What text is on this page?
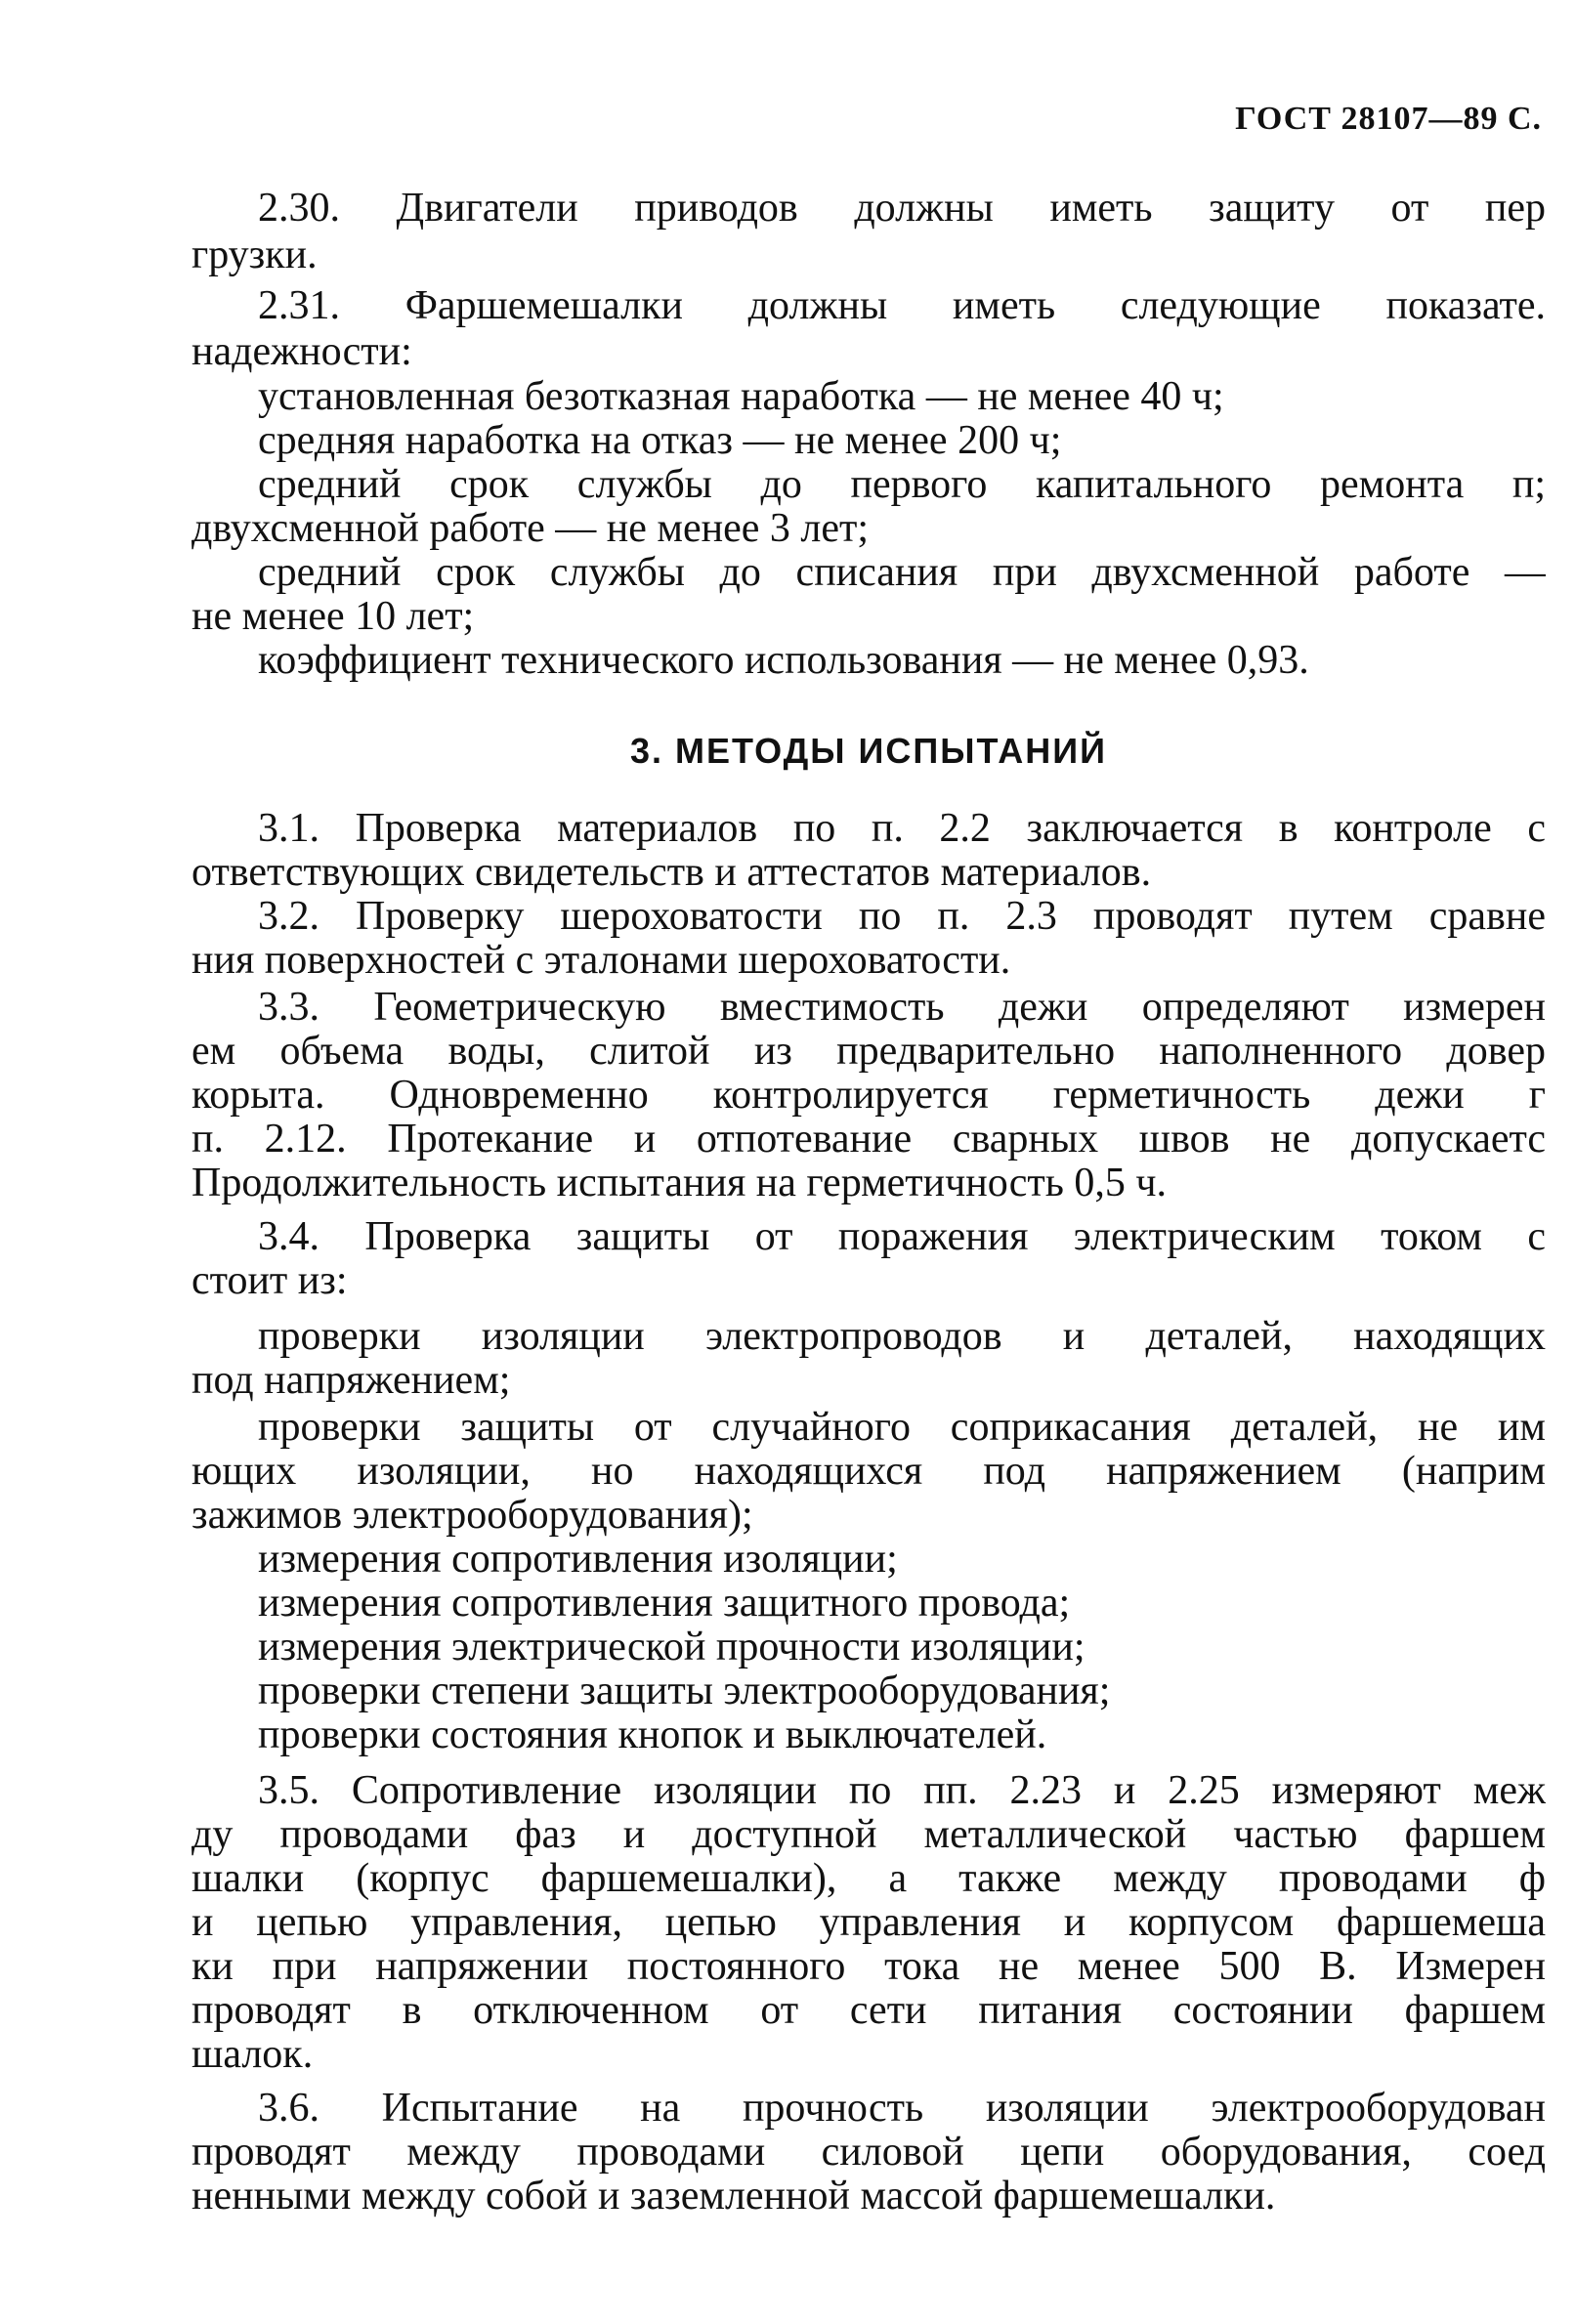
ГОСТ 28107—89 С.
2.30. Двигатели приводов должны иметь защиту от пер
грузки.
2.31. Фаршемешалки должны иметь следующие показате.
надежности:
установленная безотказная наработка — не менее 40 ч;
средняя наработка на отказ — не менее 200 ч;
средний срок службы до первого капитального ремонта п;
двухсменной работе — не менее 3 лет;
средний срок службы до списания при двухсменной работе —
не менее 10 лет;
коэффициент технического использования — не менее 0,93.
3. МЕТОДЫ ИСПЫТАНИЙ
3.1. Проверка материалов по п. 2.2 заключается в контроле с
ответствующих свидетельств и аттестатов материалов.
3.2. Проверку шероховатости по п. 2.3 проводят путем сравне
ния поверхностей с эталонами шероховатости.
3.3. Геометрическую вместимость дежи определяют измерен
ем объема воды, слитой из предварительно наполненного довер
корыта. Одновременно контролируется герметичность дежи г
п. 2.12. Протекание и отпотевание сварных швов не допускаетс
Продолжительность испытания на герметичность 0,5 ч.
3.4. Проверка защиты от поражения электрическим током с
стоит из:
проверки изоляции электропроводов и деталей, находящих
под напряжением;
проверки защиты от случайного соприкасания деталей, не им
ющих изоляции, но находящихся под напряжением (наприм
зажимов электрооборудования);
измерения сопротивления изоляции;
измерения сопротивления защитного провода;
измерения электрической прочности изоляции;
проверки степени защиты электрооборудования;
проверки состояния кнопок и выключателей.
3.5. Сопротивление изоляции по пп. 2.23 и 2.25 измеряют меж
ду проводами фаз и доступной металлической частью фаршем
шалки (корпус фаршемешалки), а также между проводами ф
и цепью управления, цепью управления и корпусом фаршемеша
ки при напряжении постоянного тока не менее 500 В. Измерен
проводят в отключенном от сети питания состоянии фаршем
шалок.
3.6. Испытание на прочность изоляции электрооборудован
проводят между проводами силовой цепи оборудования, соед
ненными между собой и заземленной массой фаршемешалки.
